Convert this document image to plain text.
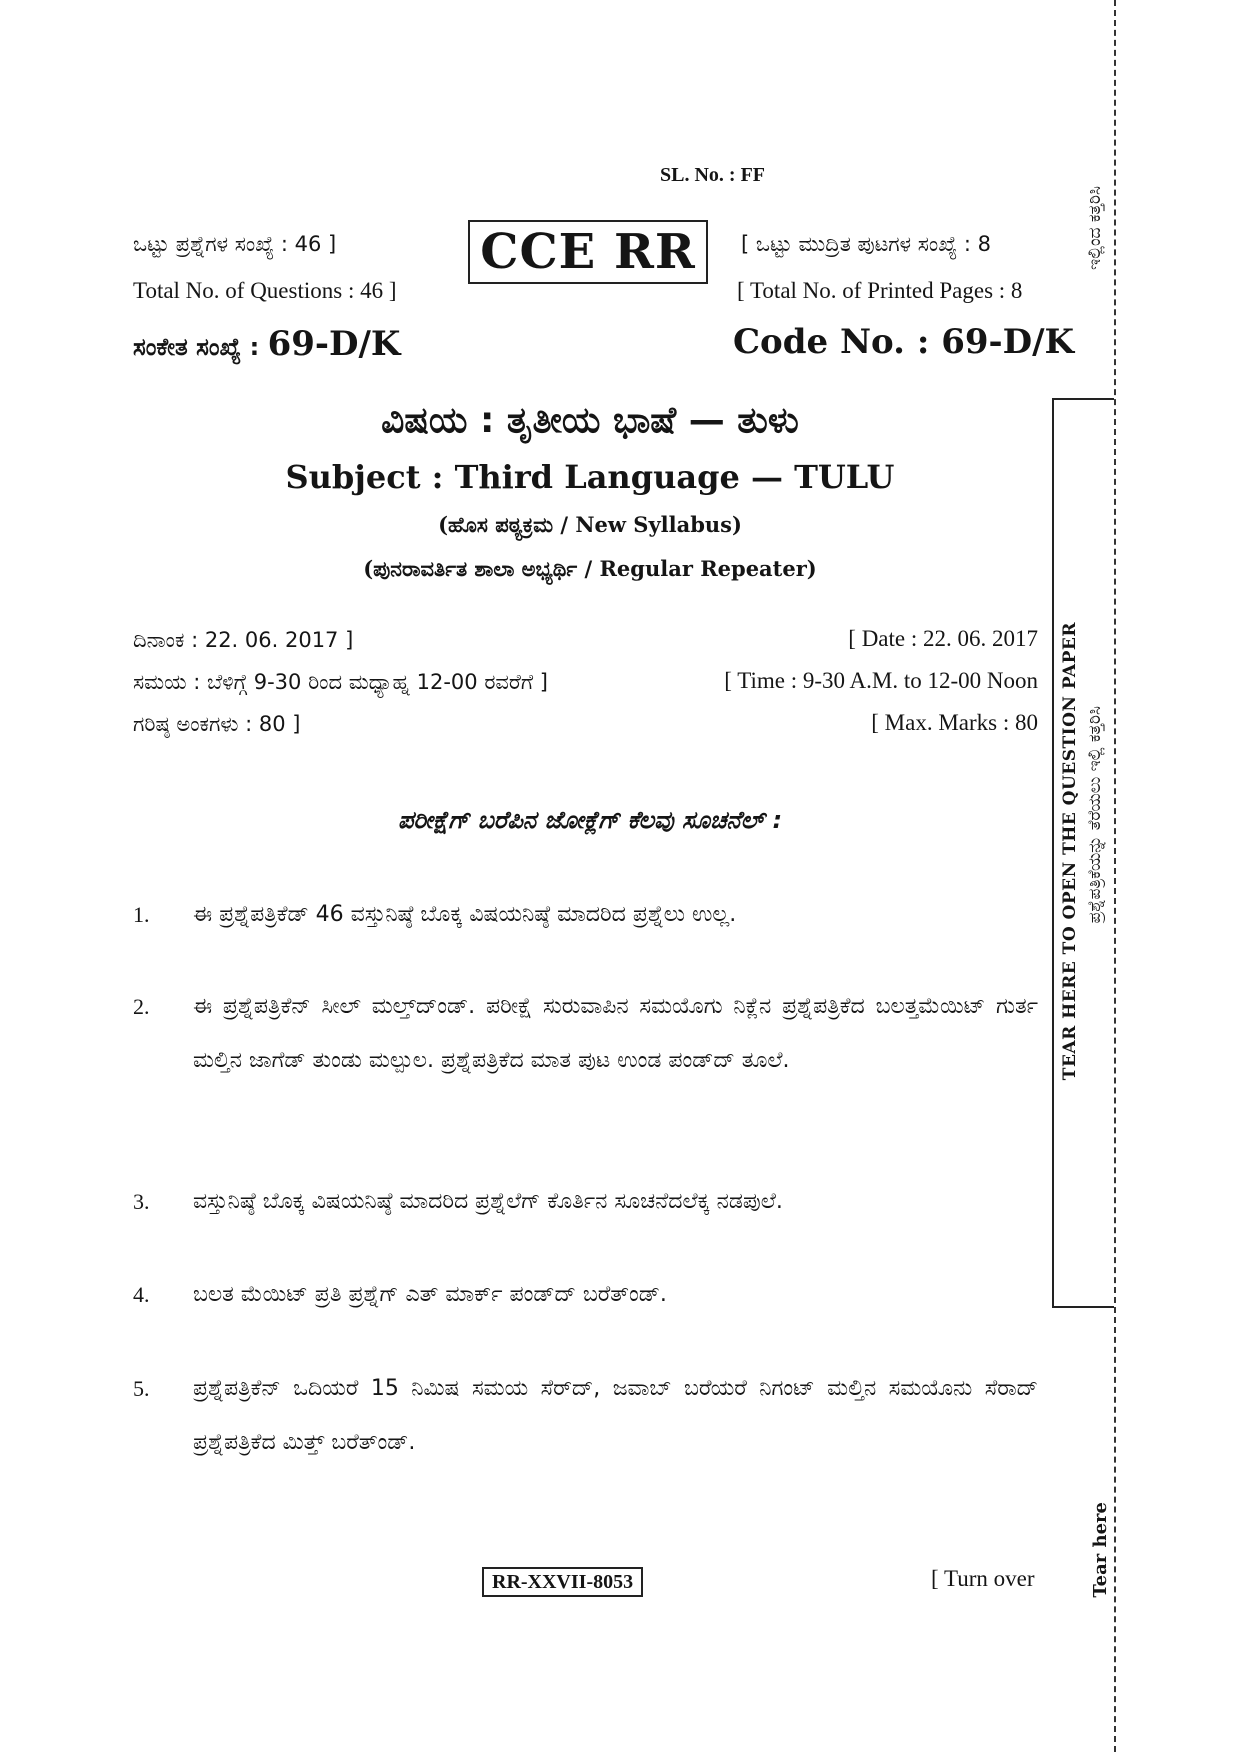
SL. No. : FF
ಒಟ್ಟು ಪ್ರಶ್ನೆಗಳ ಸಂಖ್ಯೆ : 46 ]
Total No. of Questions : 46 ]
ಸಂಕೇತ ಸಂಖ್ಯೆ : 69-D/K
CCE RR	[ ಒಟ್ಟು ಮುದ್ರಿತ ಪುಟಗಳ ಸಂಖ್ಯೆ : 8
[ Total No. of Printed Pages : 8
Code No. : 69-D/K
ವಿಷಯ : ತೃತೀಯ ಭಾಷೆ — ತುಳು
Subject : Third Language — TULU
(ಹೊಸ ಪಠ್ಯಕ್ರಮ / New Syllabus)
(ಪುನರಾವರ್ತಿತ ಶಾಲಾ ಅಭ್ಯರ್ಥಿ / Regular Repeater)
ದಿನಾಂಕ : 22. 06. 2017 ]
ಸಮಯ : ಬೆಳಿಗ್ಗೆ 9-30 ರಿಂದ ಮಧ್ಯಾಹ್ನ 12-00 ರವರೆಗೆ ]
ಗರಿಷ್ಠ ಅಂಕಗಳು : 80 ]
[ Date : 22. 06. 2017
[ Time : 9-30 A.M. to 12-00 Noon
[ Max. Marks : 80
ಪರೀಕ್ಷೆಗ್ ಬರೆಪಿನ ಜೋಕ್ಲೆಗ್ ಕೆಲವು ಸೂಚನೆಲ್ :
1. ಈ ಪ್ರಶ್ನೆಪತ್ರಿಕೆಡ್ 46 ವಸ್ತುನಿಷ್ಠೆ ಬೊಕ್ಕ ವಿಷಯನಿಷ್ಠೆ ಮಾದರಿದ ಪ್ರಶ್ನೆಲು ಉಲ್ಲ.
2. ಈ ಪ್ರಶ್ನೆಪತ್ರಿಕೆನ್ ಸೀಲ್ ಮಲ್ತ್‌ದ್‌ಂಡ್. ಪರೀಕ್ಷೆ ಸುರುವಾಪಿನ ಸಮಯೊಗು ನಿಕ್ಲೆನ ಪ್ರಶ್ನೆಪತ್ರಿಕೆದ ಬಲತ್ತಮೆಯಿಟ್ ಗುರ್ತ ಮಲ್ತಿನ ಜಾಗೆಡ್ ತುಂಡು ಮಲ್ಪುಲ. ಪ್ರಶ್ನೆಪತ್ರಿಕೆದ ಮಾತ ಪುಟ ಉಂಡ ಪಂಡ್‌ದ್ ತೂಲೆ.
3. ವಸ್ತುನಿಷ್ಠೆ ಬೊಕ್ಕ ವಿಷಯನಿಷ್ಠೆ ಮಾದರಿದ ಪ್ರಶ್ನೆಲೆಗ್ ಕೊರ್ತಿನ ಸೂಚನೆದಲೆಕ್ಕ ನಡಪುಲೆ.
4. ಬಲತ ಮೆಯಿಟ್ ಪ್ರತಿ ಪ್ರಶ್ನೆಗ್ ಎತ್ ಮಾರ್ಕ್ ಪಂಡ್‌ದ್ ಬರೆತ್‌ಂಡ್.
5. ಪ್ರಶ್ನೆಪತ್ರಿಕೆನ್ ಒದಿಯರೆ 15 ನಿಮಿಷ ಸಮಯ ಸೆರ್‌ದ್, ಜವಾಬ್ ಬರೆಯರೆ ನಿಗಂಟ್ ಮಲ್ತಿನ ಸಮಯೊನು ಸೆರಾದ್ ಪ್ರಶ್ನೆಪತ್ರಿಕೆದ ಮಿತ್ತ್ ಬರೆತ್‌ಂಡ್.
RR-XXVII-8053	[ Turn over
TEAR HERE TO OPEN THE QUESTION PAPER ಪ್ರಶ್ನೆಪತ್ರಿಕೆಯನ್ನು ತೆರೆಯಲು ಇಲ್ಲಿ ಕತ್ತರಿಸಿ
ಇಲ್ಲಿಂದ ಕತ್ತರಿಸಿ
Tear here
